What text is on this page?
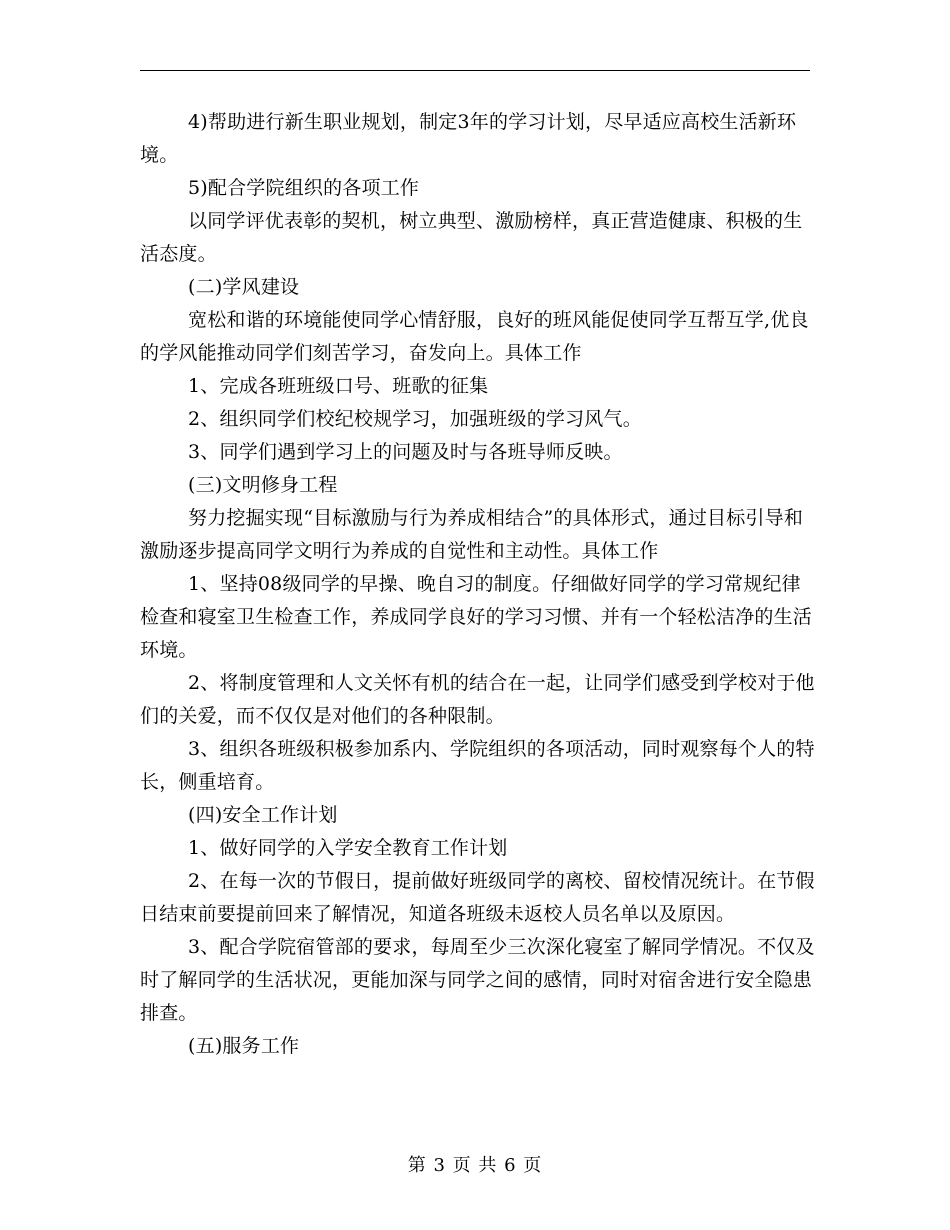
4)帮助进行新生职业规划，制定3年的学习计划，尽早适应高校生活新环境。

5)配合学院组织的各项工作

以同学评优表彰的契机，树立典型、激励榜样，真正营造健康、积极的生活态度。

(二)学风建设

宽松和谐的环境能使同学心情舒服，良好的班风能促使同学互帮互学,优良的学风能推动同学们刻苦学习，奋发向上。具体工作

1、完成各班班级口号、班歌的征集

2、组织同学们校纪校规学习，加强班级的学习风气。

3、同学们遇到学习上的问题及时与各班导师反映。

(三)文明修身工程

努力挖掘实现“目标激励与行为养成相结合”的具体形式，通过目标引导和激励逐步提高同学文明行为养成的自觉性和主动性。具体工作

1、坚持08级同学的早操、晚自习的制度。仔细做好同学的学习常规纪律检查和寝室卫生检查工作，养成同学良好的学习习惯、并有一个轻松洁净的生活环境。

2、将制度管理和人文关怀有机的结合在一起，让同学们感受到学校对于他们的关爱，而不仅仅是对他们的各种限制。

3、组织各班级积极参加系内、学院组织的各项活动，同时观察每个人的特长，侧重培育。

(四)安全工作计划

1、做好同学的入学安全教育工作计划

2、在每一次的节假日，提前做好班级同学的离校、留校情况统计。在节假日结束前要提前回来了解情况，知道各班级未返校人员名单以及原因。

3、配合学院宿管部的要求，每周至少三次深化寝室了解同学情况。不仅及时了解同学的生活状况，更能加深与同学之间的感情，同时对宿舍进行安全隐患排查。

(五)服务工作

第 3 页 共 6 页
